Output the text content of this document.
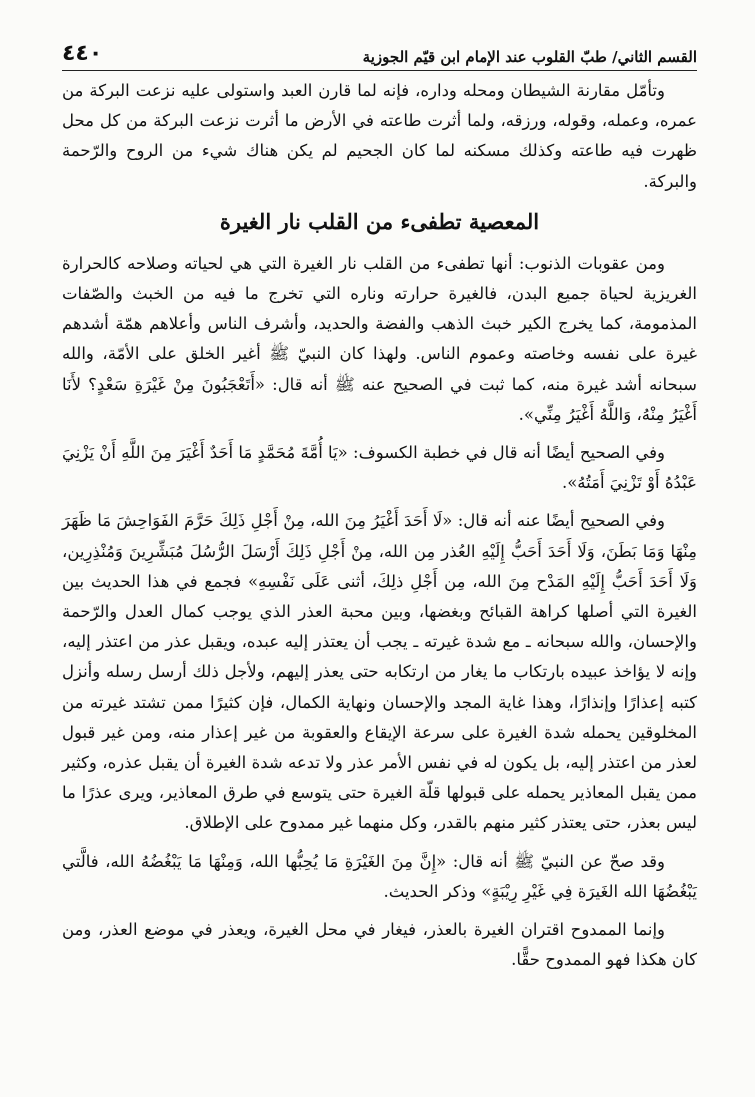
القسم الثاني/ طبّ القلوب عند الإمام ابن قيّم الجوزية
٤٤٠

وتأمّل مقارنة الشيطان ومحله وداره، فإنه لما قارن العبد واستولى عليه نزعت البركة من عمره، وعمله، وقوله، ورزقه، ولما أثرت طاعته في الأرض ما أثرت نزعت البركة من كل محل ظهرت فيه طاعته وكذلك مسكنه لما كان الجحيم لم يكن هناك شيء من الروح والرّحمة والبركة.

المعصية تطفىء من القلب نار الغيرة

ومن عقوبات الذنوب: أنها تطفىء من القلب نار الغيرة التي هي لحياته وصلاحه كالحرارة الغريزية لحياة جميع البدن، فالغيرة حرارته وناره التي تخرج ما فيه من الخبث والصّفات المذمومة، كما يخرج الكير خبث الذهب والفضة والحديد، وأشرف الناس وأعلاهم همّة أشدهم غيرة على نفسه وخاصته وعموم الناس. ولهذا كان النبيّ ﷺ أغير الخلق على الأمّة، والله سبحانه أشد غيرة منه، كما ثبت في الصحيح عنه ﷺ أنه قال: «أَتَعْجَبُونَ مِنْ غَيْرَةِ سَعْدٍ؟ لأَنَا أَغْيَرُ مِنْهُ، وَاللَّهُ أَغْيَرُ مِنِّي».

وفي الصحيح أيضًا أنه قال في خطبة الكسوف: «يَا أُمَّةَ مُحَمَّدٍ مَا أَحَدٌ أَغْيَرَ مِنَ اللَّهِ أَنْ يَزْنِيَ عَبْدُهُ أَوْ تَزْنِيَ أَمَتُهُ».

وفي الصحيح أيضًا عنه أنه قال: «لَا أَحَدَ أَغْيَرُ مِنَ الله، مِنْ أَجْلِ ذَلِكَ حَرَّمَ الفَوَاحِشَ مَا ظَهَرَ مِنْهَا وَمَا بَطَنَ، وَلَا أَحَدَ أَحَبُّ إِلَيْهِ العُذر مِن الله، مِنْ أَجْلِ ذَلِكَ أَرْسَلَ الرُّسُلَ مُبَشِّرِينَ وَمُنْذِرِين، وَلَا أَحَدَ أَحَبُّ إِلَيْهِ المَدْح مِنَ الله، مِن أَجْلِ ذلِكَ، أثنى عَلَى نَفْسِهِ» فجمع في هذا الحديث بين الغيرة التي أصلها كراهة القبائح وبغضها، وبين محبة العذر الذي يوجب كمال العدل والرّحمة والإحسان، والله سبحانه ـ مع شدة غيرته ـ يجب أن يعتذر إليه عبده، ويقبل عذر من اعتذر إليه، وإنه لا يؤاخذ عبيده بارتكاب ما يغار من ارتكابه حتى يعذر إليهم، ولأجل ذلك أرسل رسله وأنزل كتبه إعذارًا وإنذارًا، وهذا غاية المجد والإحسان ونهاية الكمال، فإن كثيرًا ممن تشتد غيرته من المخلوقين يحمله شدة الغيرة على سرعة الإيقاع والعقوبة من غير إعذار منه، ومن غير قبول لعذر من اعتذر إليه، بل يكون له في نفس الأمر عذر ولا تدعه شدة الغيرة أن يقبل عذره، وكثير ممن يقبل المعاذير يحمله على قبولها قلّة الغيرة حتى يتوسع في طرق المعاذير، ويرى عذرًا ما ليس بعذر، حتى يعتذر كثير منهم بالقدر، وكل منهما غير ممدوح على الإطلاق.

وقد صحّ عن النبيّ ﷺ أنه قال: «إِنَّ مِنَ الغَيْرَةِ مَا يُحِبُّها الله، وَمِنْهَا مَا يَبْغُضُهُ الله، فالَّتي يَبْغُضُهَا الله الغَيرَة فِي غَيْرِ رِيْبَةٍ» وذكر الحديث.

وإنما الممدوح اقتران الغيرة بالعذر، فيغار في محل الغيرة، ويعذر في موضع العذر، ومن كان هكذا فهو الممدوح حقًّا.
